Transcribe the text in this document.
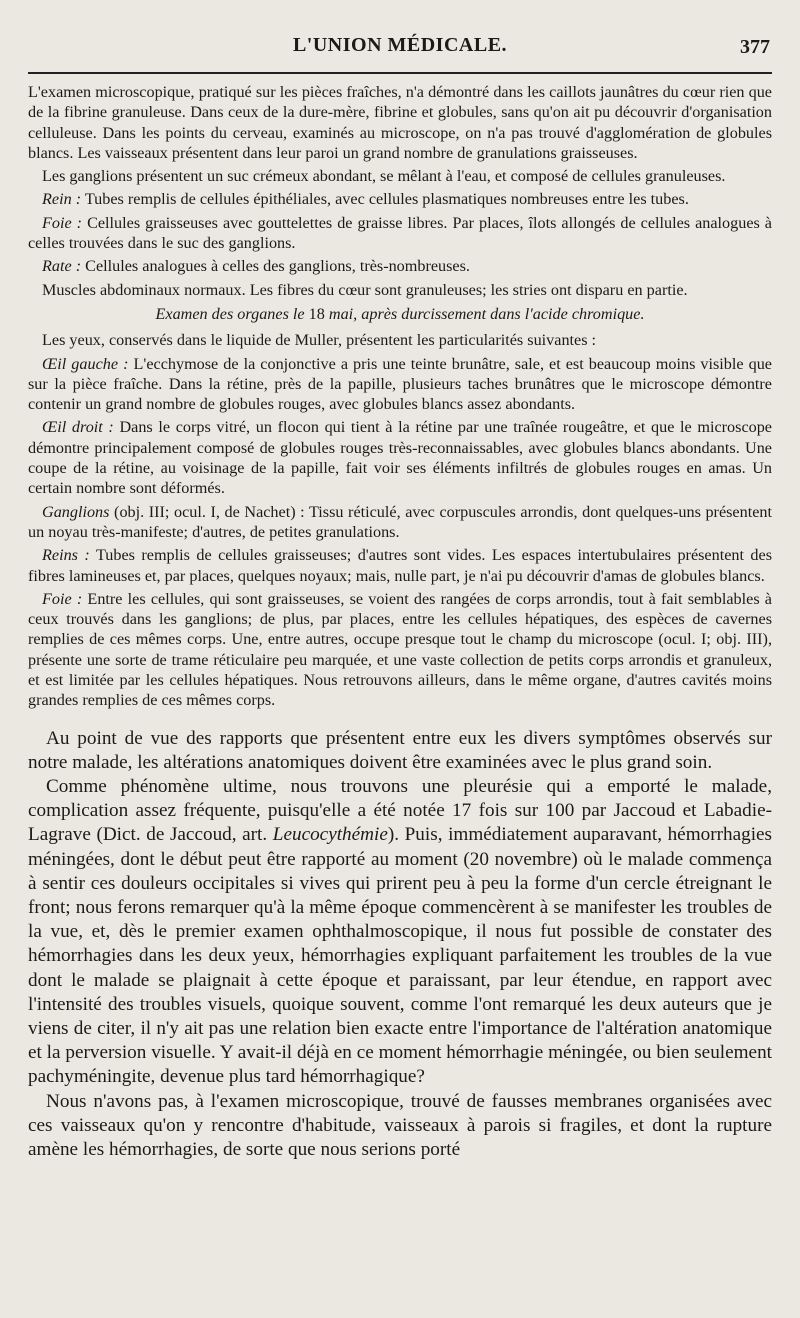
L'UNION MÉDICALE.	377

L'examen microscopique, pratiqué sur les pièces fraîches, n'a démontré dans les caillots jaunâtres du cœur rien que de la fibrine granuleuse. Dans ceux de la dure-mère, fibrine et globules, sans qu'on ait pu découvrir d'organisation celluleuse. Dans les points du cerveau, examinés au microscope, on n'a pas trouvé d'agglomération de globules blancs. Les vaisseaux présentent dans leur paroi un grand nombre de granulations graisseuses.

Les ganglions présentent un suc crémeux abondant, se mêlant à l'eau, et composé de cellules granuleuses.

Rein : Tubes remplis de cellules épithéliales, avec cellules plasmatiques nombreuses entre les tubes.

Foie : Cellules graisseuses avec gouttelettes de graisse libres. Par places, îlots allongés de cellules analogues à celles trouvées dans le suc des ganglions.

Rate : Cellules analogues à celles des ganglions, très-nombreuses.

Muscles abdominaux normaux. Les fibres du cœur sont granuleuses; les stries ont disparu en partie.

Examen des organes le 18 mai, après durcissement dans l'acide chromique.

Les yeux, conservés dans le liquide de Muller, présentent les particularités suivantes :

Œil gauche : L'ecchymose de la conjonctive a pris une teinte brunâtre, sale, et est beaucoup moins visible que sur la pièce fraîche. Dans la rétine, près de la papille, plusieurs taches brunâtres que le microscope démontre contenir un grand nombre de globules rouges, avec globules blancs assez abondants.

Œil droit : Dans le corps vitré, un flocon qui tient à la rétine par une traînée rougeâtre, et que le microscope démontre principalement composé de globules rouges très-reconnaissables, avec globules blancs abondants. Une coupe de la rétine, au voisinage de la papille, fait voir ses éléments infiltrés de globules rouges en amas. Un certain nombre sont déformés.

Ganglions (obj. III; ocul. I, de Nachet) : Tissu réticulé, avec corpuscules arrondis, dont quelques-uns présentent un noyau très-manifeste; d'autres, de petites granulations.

Reins : Tubes remplis de cellules graisseuses; d'autres sont vides. Les espaces intertubulaires présentent des fibres lamineuses et, par places, quelques noyaux; mais, nulle part, je n'ai pu découvrir d'amas de globules blancs.

Foie : Entre les cellules, qui sont graisseuses, se voient des rangées de corps arrondis, tout à fait semblables à ceux trouvés dans les ganglions; de plus, par places, entre les cellules hépatiques, des espèces de cavernes remplies de ces mêmes corps. Une, entre autres, occupe presque tout le champ du microscope (ocul. I; obj. III), présente une sorte de trame réticulaire peu marquée, et une vaste collection de petits corps arrondis et granuleux, et est limitée par les cellules hépatiques. Nous retrouvons ailleurs, dans le même organe, d'autres cavités moins grandes remplies de ces mêmes corps.

Au point de vue des rapports que présentent entre eux les divers symptômes observés sur notre malade, les altérations anatomiques doivent être examinées avec le plus grand soin.

Comme phénomène ultime, nous trouvons une pleurésie qui a emporté le malade, complication assez fréquente, puisqu'elle a été notée 17 fois sur 100 par Jaccoud et Labadie-Lagrave (Dict. de Jaccoud, art. Leucocythémie). Puis, immédiatement auparavant, hémorrhagies méningées, dont le début peut être rapporté au moment (20 novembre) où le malade commença à sentir ces douleurs occipitales si vives qui prirent peu à peu la forme d'un cercle étreignant le front; nous ferons remarquer qu'à la même époque commencèrent à se manifester les troubles de la vue, et, dès le premier examen ophthalmoscopique, il nous fut possible de constater des hémorrhagies dans les deux yeux, hémorrhagies expliquant parfaitement les troubles de la vue dont le malade se plaignait à cette époque et paraissant, par leur étendue, en rapport avec l'intensité des troubles visuels, quoique souvent, comme l'ont remarqué les deux auteurs que je viens de citer, il n'y ait pas une relation bien exacte entre l'importance de l'altération anatomique et la perversion visuelle. Y avait-il déjà en ce moment hémorrhagie méningée, ou bien seulement pachyméningite, devenue plus tard hémorrhagique?

Nous n'avons pas, à l'examen microscopique, trouvé de fausses membranes organisées avec ces vaisseaux qu'on y rencontre d'habitude, vaisseaux à parois si fragiles, et dont la rupture amène les hémorrhagies, de sorte que nous serions porté
